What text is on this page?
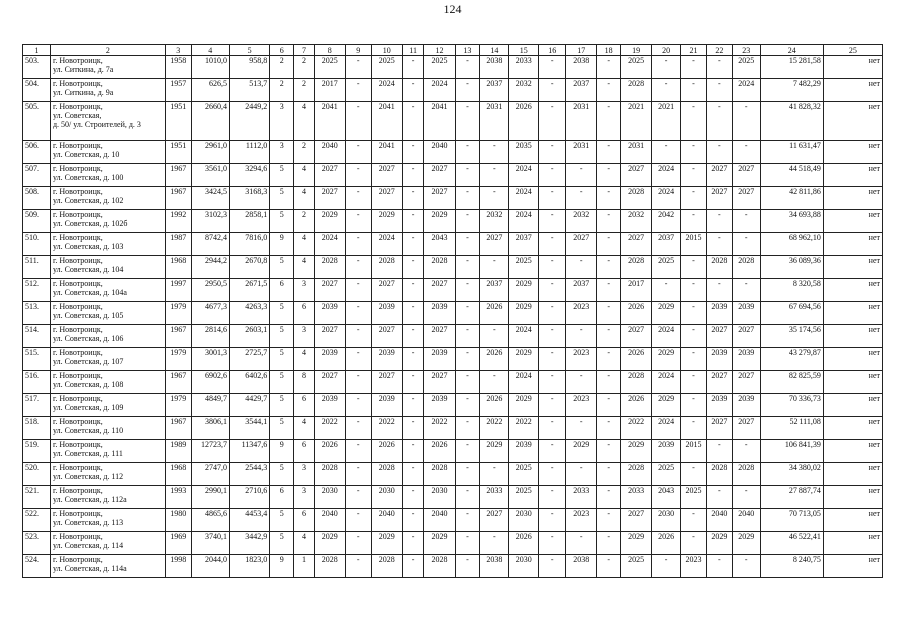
124
1	2	3	4	5	6	7	8	9	10	11	12	13	14	15	16	17	18	19	20	21	22	23	24	25
503.	г. Новотроицк,
ул. Ситкина, д. 7а	1958	1010,0	958,8	2	2	2025	-	2025	-	2025	-	2038	2033	-	2038	-	2025	-	-	-	2025	15 281,58	нет
504.	г. Новотроицк,
ул. Ситкина, д. 9а	1957	626,5	513,7	2	2	2017	-	2024	-	2024	-	2037	2032	-	2037	-	2028	-	-	-	2024	7 482,29	нет
505.	г. Новотроицк,
ул. Советская,
д. 50/ ул. Строителей, д. 3	1951	2660,4	2449,2	3	4	2041	-	2041	-	2041	-	2031	2026	-	2031	-	2021	2021	-	-	-	41 828,32	нет
506.	г. Новотроицк,
ул. Советская, д. 10	1951	2961,0	1112,0	3	2	2040	-	2041	-	2040	-	-	2035	-	2031	-	2031	-	-	-	-	11 631,47	нет
507.	г. Новотроицк,
ул. Советская, д. 100	1967	3561,0	3294,6	5	4	2027	-	2027	-	2027	-	-	2024	-	-	-	2027	2024	-	2027	2027	44 518,49	нет
508.	г. Новотроицк,
ул. Советская, д. 102	1967	3424,5	3168,3	5	4	2027	-	2027	-	2027	-	-	2024	-	-	-	2028	2024	-	2027	2027	42 811,86	нет
509.	г. Новотроицк,
ул. Советская, д. 102б	1992	3102,3	2858,1	5	2	2029	-	2029	-	2029	-	2032	2024	-	2032	-	2032	2042	-	-	-	34 693,88	нет
510.	г. Новотроицк,
ул. Советская, д. 103	1987	8742,4	7816,0	9	4	2024	-	2024	-	2043	-	2027	2037	-	2027	-	2027	2037	2015	-	-	68 962,10	нет
511.	г. Новотроицк,
ул. Советская, д. 104	1968	2944,2	2670,8	5	4	2028	-	2028	-	2028	-	-	2025	-	-	-	2028	2025	-	2028	2028	36 089,36	нет
512.	г. Новотроицк,
ул. Советская, д. 104а	1997	2950,5	2671,5	6	3	2027	-	2027	-	2027	-	2037	2029	-	2037	-	2017	-	-	-	-	8 320,58	нет
513.	г. Новотроицк,
ул. Советская, д. 105	1979	4677,3	4263,3	5	6	2039	-	2039	-	2039	-	2026	2029	-	2023	-	2026	2029	-	2039	2039	67 694,56	нет
514.	г. Новотроицк,
ул. Советская, д. 106	1967	2814,6	2603,1	5	3	2027	-	2027	-	2027	-	-	2024	-	-	-	2027	2024	-	2027	2027	35 174,56	нет
515.	г. Новотроицк,
ул. Советская, д. 107	1979	3001,3	2725,7	5	4	2039	-	2039	-	2039	-	2026	2029	-	2023	-	2026	2029	-	2039	2039	43 279,87	нет
516.	г. Новотроицк,
ул. Советская, д. 108	1967	6902,6	6402,6	5	8	2027	-	2027	-	2027	-	-	2024	-	-	-	2028	2024	-	2027	2027	82 825,59	нет
517.	г. Новотроицк,
ул. Советская, д. 109	1979	4849,7	4429,7	5	6	2039	-	2039	-	2039	-	2026	2029	-	2023	-	2026	2029	-	2039	2039	70 336,73	нет
518.	г. Новотроицк,
ул. Советская, д. 110	1967	3806,1	3544,1	5	4	2022	-	2022	-	2022	-	2022	2022	-	-	-	2022	2024	-	2027	2027	52 111,08	нет
519.	г. Новотроицк,
ул. Советская, д. 111	1989	12723,7	11347,6	9	6	2026	-	2026	-	2026	-	2029	2039	-	2029	-	2029	2039	2015	-	-	106 841,39	нет
520.	г. Новотроицк,
ул. Советская, д. 112	1968	2747,0	2544,3	5	3	2028	-	2028	-	2028	-	-	2025	-	-	-	2028	2025	-	2028	2028	34 380,02	нет
521.	г. Новотроицк,
ул. Советская, д. 112а	1993	2990,1	2710,6	6	3	2030	-	2030	-	2030	-	2033	2025	-	2033	-	2033	2043	2025	-	-	27 887,74	нет
522.	г. Новотроицк,
ул. Советская, д. 113	1980	4865,6	4453,4	5	6	2040	-	2040	-	2040	-	2027	2030	-	2023	-	2027	2030	-	2040	2040	70 713,05	нет
523.	г. Новотроицк,
ул. Советская, д. 114	1969	3740,1	3442,9	5	4	2029	-	2029	-	2029	-	-	2026	-	-	-	2029	2026	-	2029	2029	46 522,41	нет
524.	г. Новотроицк,
ул. Советская, д. 114а	1998	2044,0	1823,0	9	1	2028	-	2028	-	2028	-	2038	2030	-	2038	-	2025	-	2023	-	-	8 240,75	нет
